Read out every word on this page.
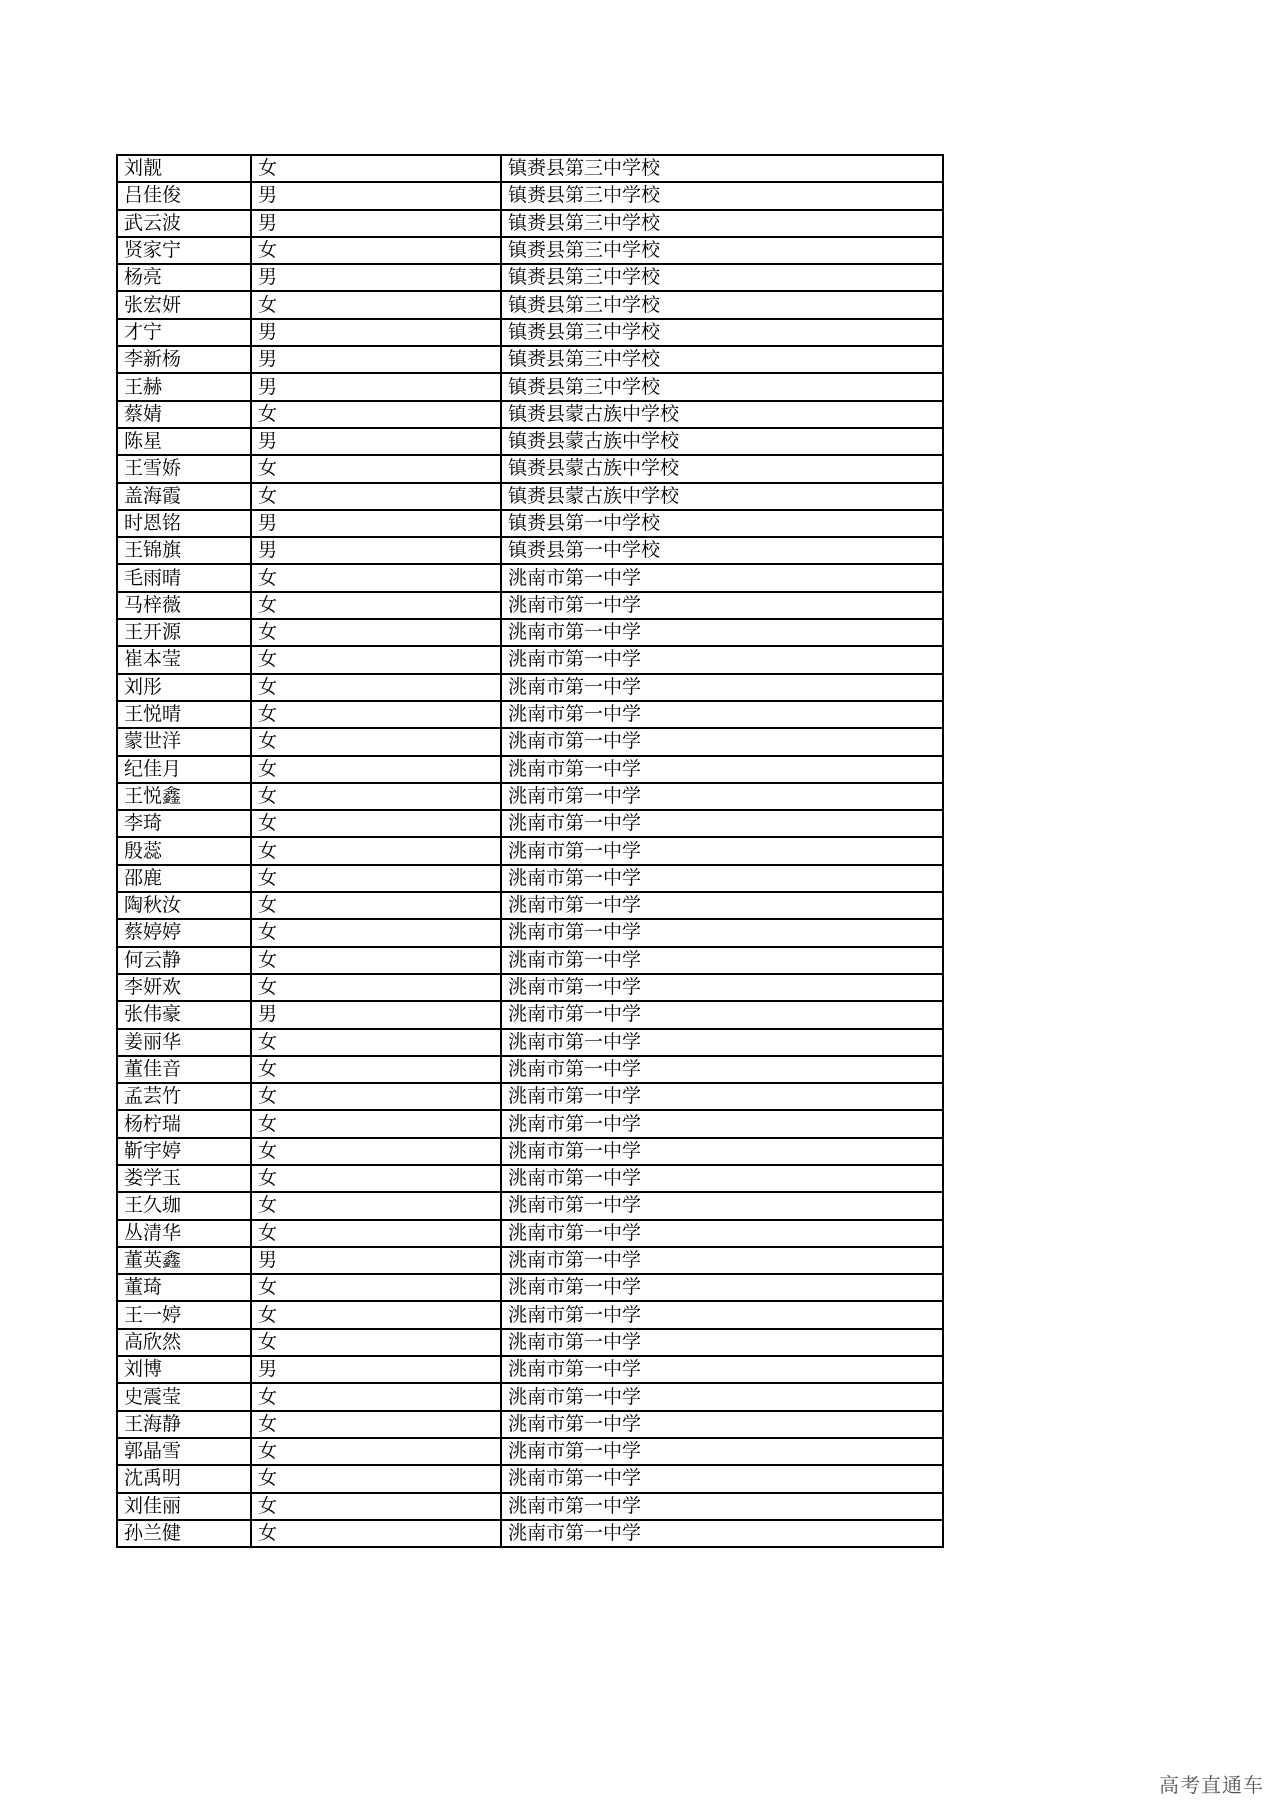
刘靓	女	镇赉县第三中学校
吕佳俊	男	镇赉县第三中学校
武云波	男	镇赉县第三中学校
贤家宁	女	镇赉县第三中学校
杨亮	男	镇赉县第三中学校
张宏妍	女	镇赉县第三中学校
才宁	男	镇赉县第三中学校
李新杨	男	镇赉县第三中学校
王赫	男	镇赉县第三中学校
蔡婧	女	镇赉县蒙古族中学校
陈星	男	镇赉县蒙古族中学校
王雪娇	女	镇赉县蒙古族中学校
盖海霞	女	镇赉县蒙古族中学校
时恩铭	男	镇赉县第一中学校
王锦旗	男	镇赉县第一中学校
毛雨晴	女	洮南市第一中学
马梓薇	女	洮南市第一中学
王开源	女	洮南市第一中学
崔本莹	女	洮南市第一中学
刘彤	女	洮南市第一中学
王悦晴	女	洮南市第一中学
蒙世洋	女	洮南市第一中学
纪佳月	女	洮南市第一中学
王悦鑫	女	洮南市第一中学
李琦	女	洮南市第一中学
殷蕊	女	洮南市第一中学
邵鹿	女	洮南市第一中学
陶秋汝	女	洮南市第一中学
蔡婷婷	女	洮南市第一中学
何云静	女	洮南市第一中学
李妍欢	女	洮南市第一中学
张伟豪	男	洮南市第一中学
姜丽华	女	洮南市第一中学
董佳音	女	洮南市第一中学
孟芸竹	女	洮南市第一中学
杨柠瑞	女	洮南市第一中学
靳宇婷	女	洮南市第一中学
娄学玉	女	洮南市第一中学
王久珈	女	洮南市第一中学
丛清华	女	洮南市第一中学
董英鑫	男	洮南市第一中学
董琦	女	洮南市第一中学
王一婷	女	洮南市第一中学
高欣然	女	洮南市第一中学
刘博	男	洮南市第一中学
史震莹	女	洮南市第一中学
王海静	女	洮南市第一中学
郭晶雪	女	洮南市第一中学
沈禹明	女	洮南市第一中学
刘佳丽	女	洮南市第一中学
孙兰健	女	洮南市第一中学
高考直通车
